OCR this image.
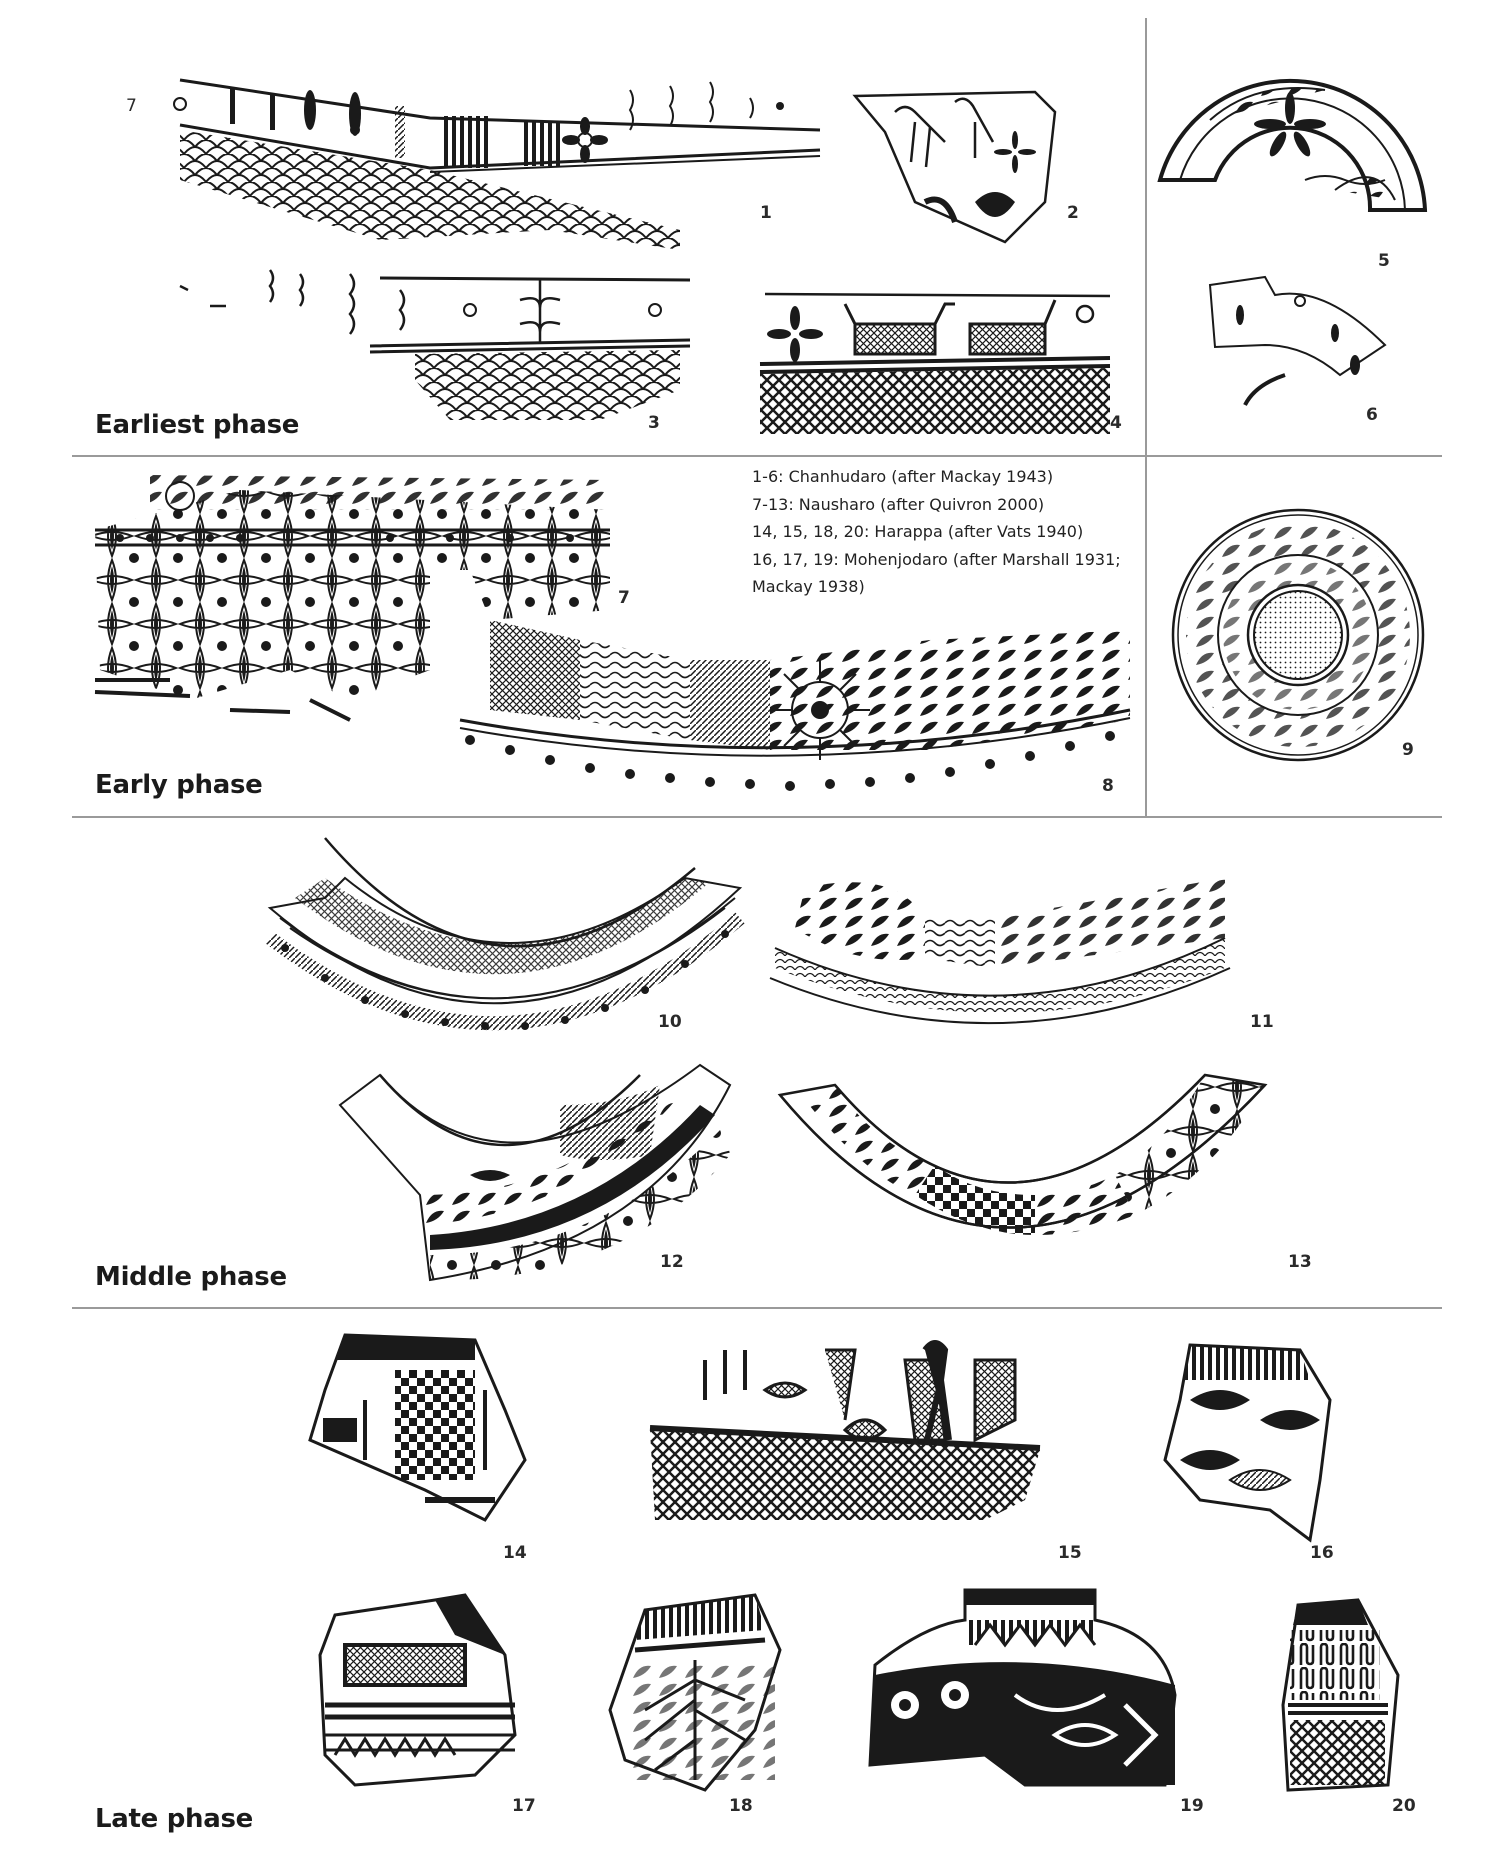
Earliest phase
Early phase
Middle phase
Late phase
1-6: Chanhudaro (after Mackay 1943)
7-13: Nausharo (after Quivron 2000)
14, 15, 18, 20: Harappa (after Vats 1940)
16, 17, 19: Mohenjodaro (after Marshall 1931;
Mackay 1938)
7
1	2
3	4
5
6
7
8
9
10	11
12	13
14	15	16
17	18	19	20
